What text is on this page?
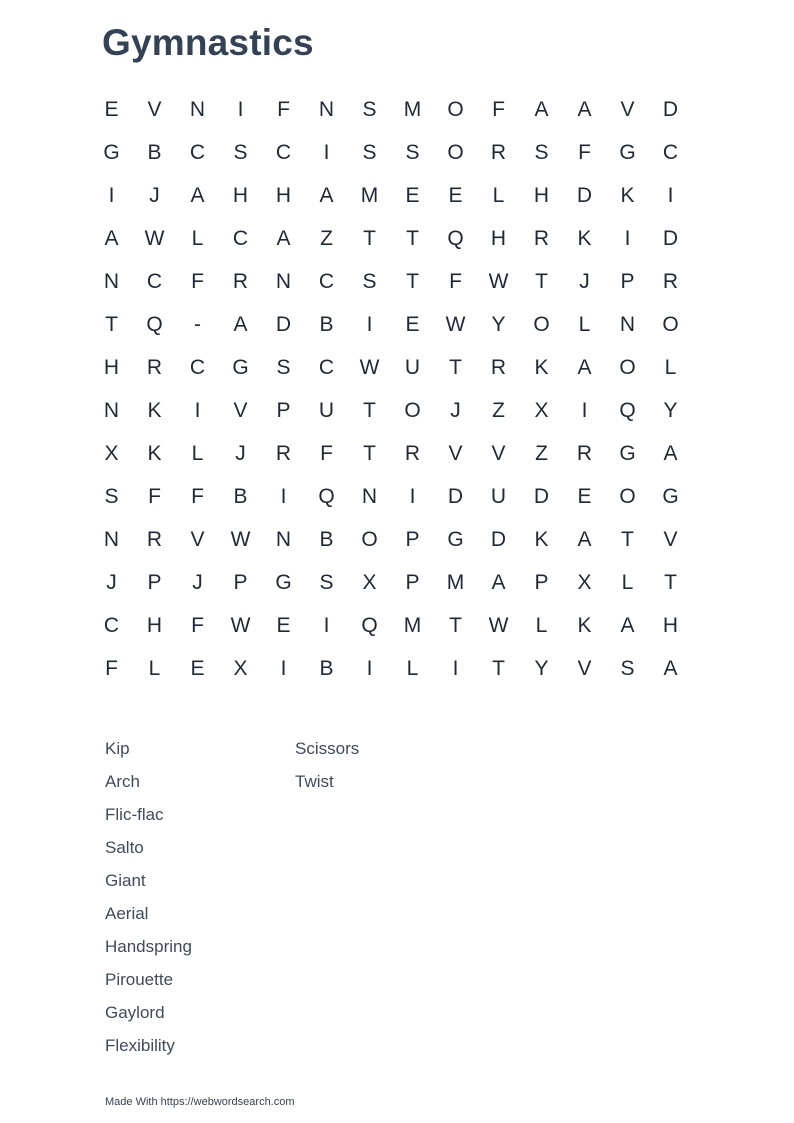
Gymnastics
E	V	N	I	F	N	S	M	O	F	A	A	V	D
G	B	C	S	C	I	S	S	O	R	S	F	G	C
I	J	A	H	H	A	M	E	E	L	H	D	K	I
A	W	L	C	A	Z	T	T	Q	H	R	K	I	D
N	C	F	R	N	C	S	T	F	W	T	J	P	R
T	Q	-	A	D	B	I	E	W	Y	O	L	N	O
H	R	C	G	S	C	W	U	T	R	K	A	O	L
N	K	I	V	P	U	T	O	J	Z	X	I	Q	Y
X	K	L	J	R	F	T	R	V	V	Z	R	G	A
S	F	F	B	I	Q	N	I	D	U	D	E	O	G
N	R	V	W	N	B	O	P	G	D	K	A	T	V
J	P	J	P	G	S	X	P	M	A	P	X	L	T
C	H	F	W	E	I	Q	M	T	W	L	K	A	H
F	L	E	X	I	B	I	L	I	T	Y	V	S	A
Kip
Arch
Flic-flac
Salto
Giant
Aerial
Handspring
Pirouette
Gaylord
Flexibility
Scissors
Twist
Made With https://webwordsearch.com
